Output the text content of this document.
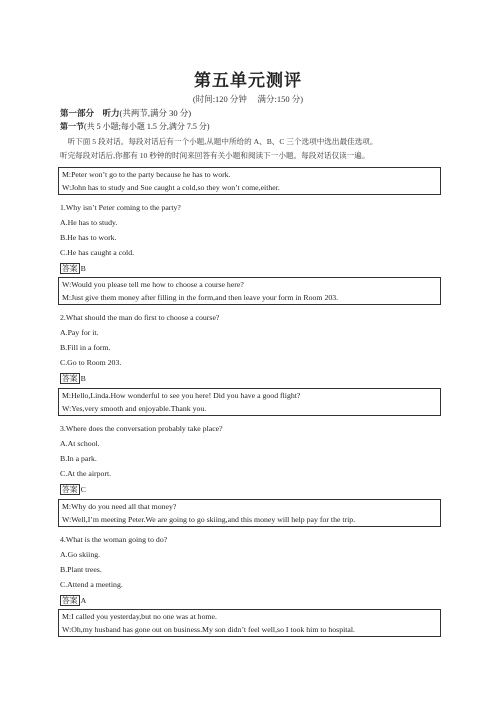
第五单元测评
(时间:120 分钟　 满分:150 分)
第一部分　听力(共两节,满分 30 分)
第一节(共 5 小题;每小题 1.5 分,满分 7.5 分)
　听下面 5 段对话。每段对话后有一个小题,从题中所给的 A、B、C 三个选项中选出最佳选项。
听完每段对话后,你都有 10 秒钟的时间来回答有关小题和阅读下一小题。每段对话仅读一遍。
M:Peter won’t go to the party because he has to work.
W:John has to study and Sue caught a cold,so they won’t come,either.
1.Why isn’t Peter coming to the party?
A.He has to study.
B.He has to work.
C.He has caught a cold.
答案 B
W:Would you please tell me how to choose a course here?
M:Just give them money after filling in the form,and then leave your form in Room 203.
2.What should the man do first to choose a course?
A.Pay for it.
B.Fill in a form.
C.Go to Room 203.
答案 B
M:Hello,Linda.How wonderful to see you here! Did you have a good flight?
W:Yes,very smooth and enjoyable.Thank you.
3.Where does the conversation probably take place?
A.At school.
B.In a park.
C.At the airport.
答案 C
M:Why do you need all that money?
W:Well,I’m meeting Peter.We are going to go skiing,and this money will help pay for the trip.
4.What is the woman going to do?
A.Go skiing.
B.Plant trees.
C.Attend a meeting.
答案 A
M:I called you yesterday,but no one was at home.
W:Oh,my husband has gone out on business.My son didn’t feel well,so I took him to hospital.
